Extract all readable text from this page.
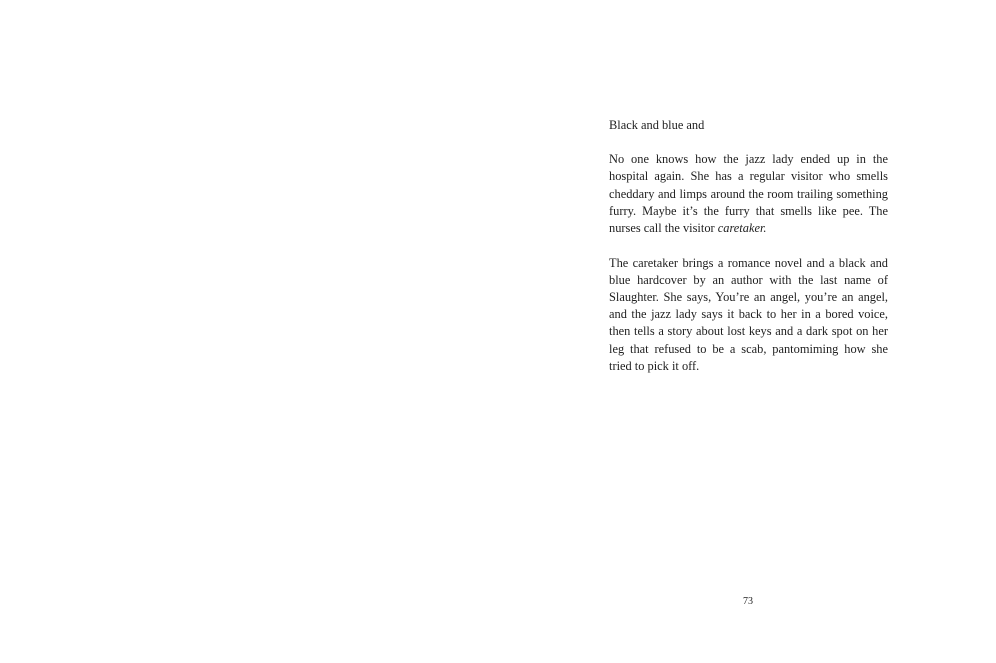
Black and blue and

No one knows how the jazz lady ended up in the hospital again. She has a regular visitor who smells cheddary and limps around the room trailing something furry. Maybe it’s the furry that smells like pee. The nurses call the visitor caretaker.

The caretaker brings a romance novel and a black and blue hardcover by an author with the last name of Slaughter. She says, You’re an angel, you’re an angel, and the jazz lady says it back to her in a bored voice, then tells a story about lost keys and a dark spot on her leg that refused to be a scab, pantomiming how she tried to pick it off.

73
